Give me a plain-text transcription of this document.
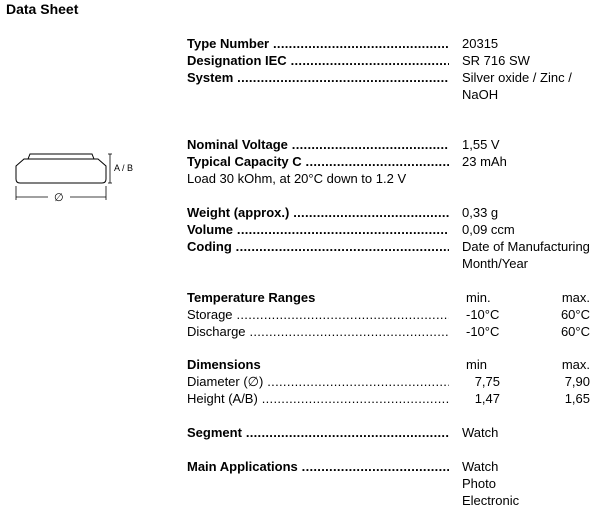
Data Sheet
A / B
∅
Type Number .....	20315
Designation IEC .....	SR 716 SW
System .....	Silver oxide / Zinc /
NaOH
Nominal Voltage .....	1,55 V
Typical Capacity C .....	23 mAh
Load 30 kOhm, at 20°C down to 1.2 V
Weight (approx.) .....	0,33 g
Volume .....	0,09 ccm
Coding .....	Date of Manufacturing
Month/Year
Temperature Ranges	min.	max.
Storage .....	-10°C	60°C
Discharge .....	-10°C	60°C
Dimensions	min	max.
Diameter (∅) .....	7,75	7,90
Height (A/B) .....	1,47	1,65
Segment .....	Watch
Main Applications .....	Watch
Photo
Electronic
